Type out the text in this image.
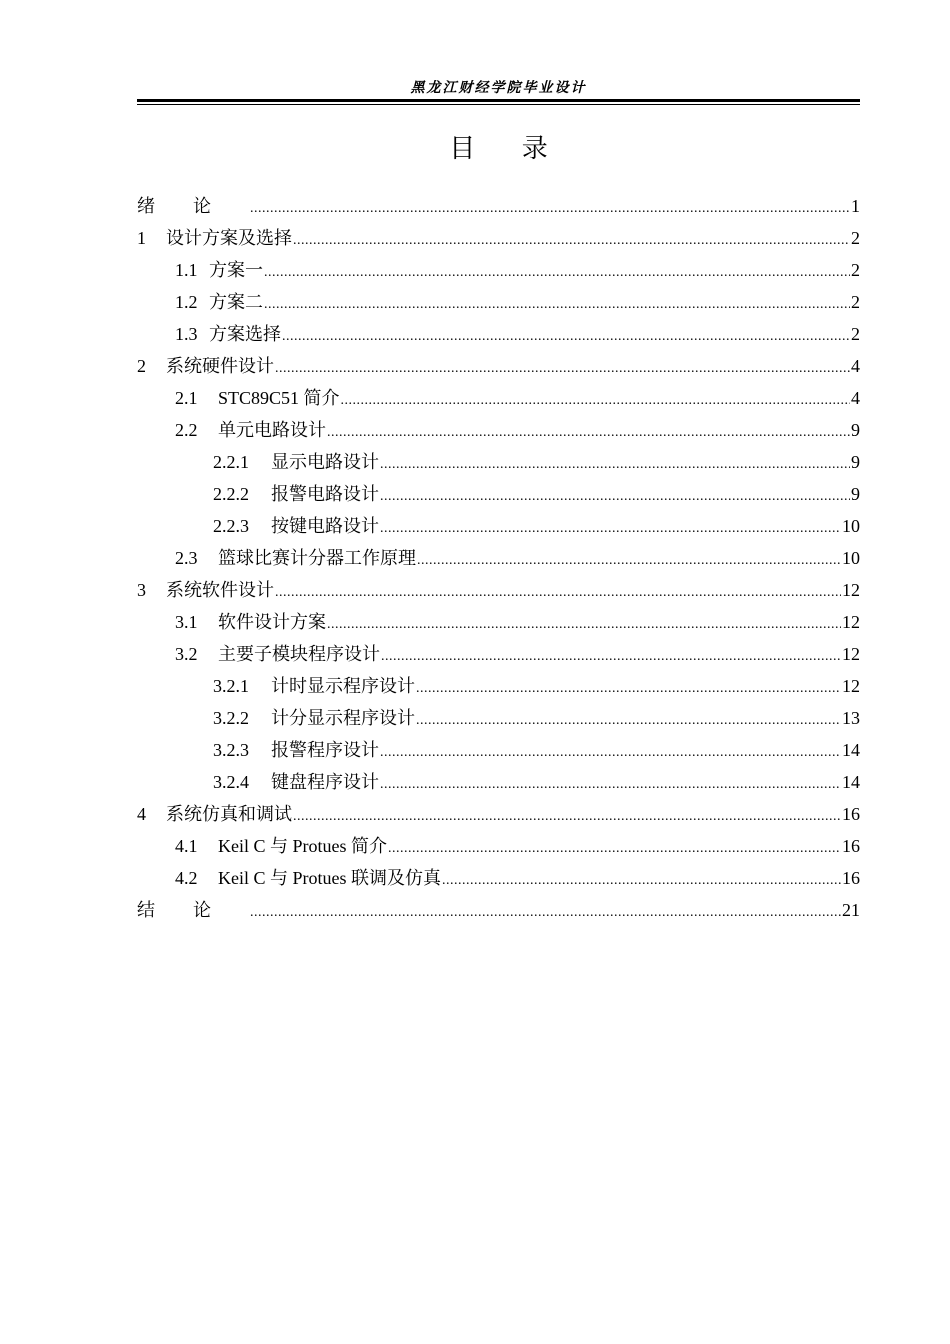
黑龙江财经学院毕业设计
目 录
绪论 .....	1
1	设计方案及选择 .....	2
1.1 方案一 .....	2
1.2 方案二 .....	2
1.3 方案选择 .....	2
2	系统硬件设计 .....	4
2.1	STC89C51 简介 .....	4
2.2	单元电路设计 .....	9
2.2.1	显示电路设计 .....	9
2.2.2	报警电路设计 .....	9
2.2.3	按键电路设计 .....	10
2.3	篮球比赛计分器工作原理 .....	10
3	系统软件设计 .....	12
3.1	软件设计方案 .....	12
3.2	主要子模块程序设计 .....	12
3.2.1	计时显示程序设计 .....	12
3.2.2	计分显示程序设计 .....	13
3.2.3	报警程序设计 .....	14
3.2.4	键盘程序设计 .....	14
4	系统仿真和调试 .....	16
4.1	Keil C 与 Protues 简介 .....	16
4.2	Keil C 与 Protues 联调及仿真 .....	16
结论 .....	21
